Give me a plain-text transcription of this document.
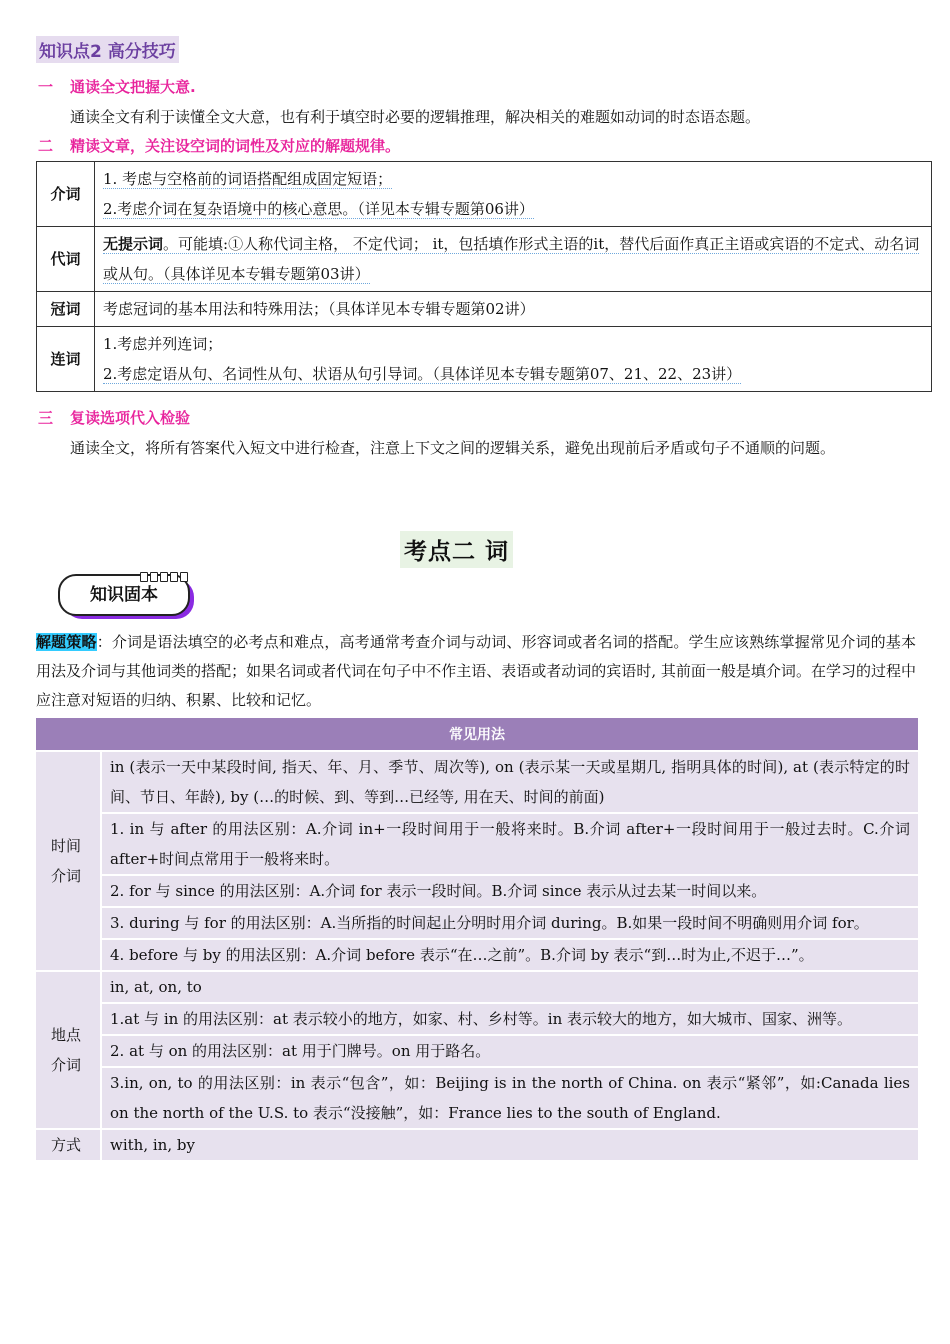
知识点2 高分技巧
一 通读全文把握大意.
通读全文有利于读懂全文大意，也有利于填空时必要的逻辑推理，解决相关的难题如动词的时态语态题。
二 精读文章，关注设空词的词性及对应的解题规律。
介词	1. 考虑与空格前的词语搭配组成固定短语；
2.考虑介词在复杂语境中的核心意思。（详见本专辑专题第06讲）

代词	无提示词。可能填:①人称代词主格， 不定代词； it，包括填作形式主语的it，替代后面作真正主语或宾语的不定式、动名词或从句。（具体详见本专辑专题第03讲）
冠词	考虑冠词的基本用法和特殊用法；（具体详见本专辑专题第02讲）

连词	1.考虑并列连词；
2.考虑定语从句、名词性从句、状语从句引导词。（具体详见本专辑专题第07、21、22、23讲）
三 复读选项代入检验
通读全文，将所有答案代入短文中进行检查，注意上下文之间的逻辑关系，避免出现前后矛盾或句子不通顺的问题。
考点二 词
知识固本
解题策略：介词是语法填空的必考点和难点，高考通常考查介词与动词、形容词或者名词的搭配。学生应该熟练掌握常见介词的基本用法及介词与其他词类的搭配；如果名词或者代词在句子中不作主语、表语或者动词的宾语时, 其前面一般是填介词。在学习的过程中应注意对短语的归纳、积累、比较和记忆。
常见用法	

时间
介词	in (表示一天中某段时间, 指天、年、月、季节、周次等), on (表示某一天或星期几, 指明具体的时间), at (表示特定的时间、节日、年龄), by (…的时候、到、等到…已经等, 用在天、时间的前面)
	1. in 与 after 的用法区别：A.介词 in+一段时间用于一般将来时。B.介词 after+一段时间用于一般过去时。C.介词 after+时间点常用于一般将来时。
	2. for 与 since 的用法区别：A.介词 for 表示一段时间。B.介词 since 表示从过去某一时间以来。
	3. during 与 for 的用法区别：A.当所指的时间起止分明时用介词 during。B.如果一段时间不明确则用介词 for。
	4. before 与 by 的用法区别：A.介词 before 表示“在…之前”。B.介词 by 表示“到…时为止,不迟于…”。

地点
介词	in, at, on, to
	1.at 与 in 的用法区别：at 表示较小的地方，如家、村、乡村等。in 表示较大的地方，如大城市、国家、洲等。
	2. at 与 on 的用法区别：at 用于门牌号。on 用于路名。
	3.in, on, to 的用法区别：in 表示“包含”，如：Beijing is in the north of China. on 表示“紧邻”，如:Canada lies on the north of the U.S. to 表示“没接触”，如：France lies to the south of England.
方式	with, in, by
